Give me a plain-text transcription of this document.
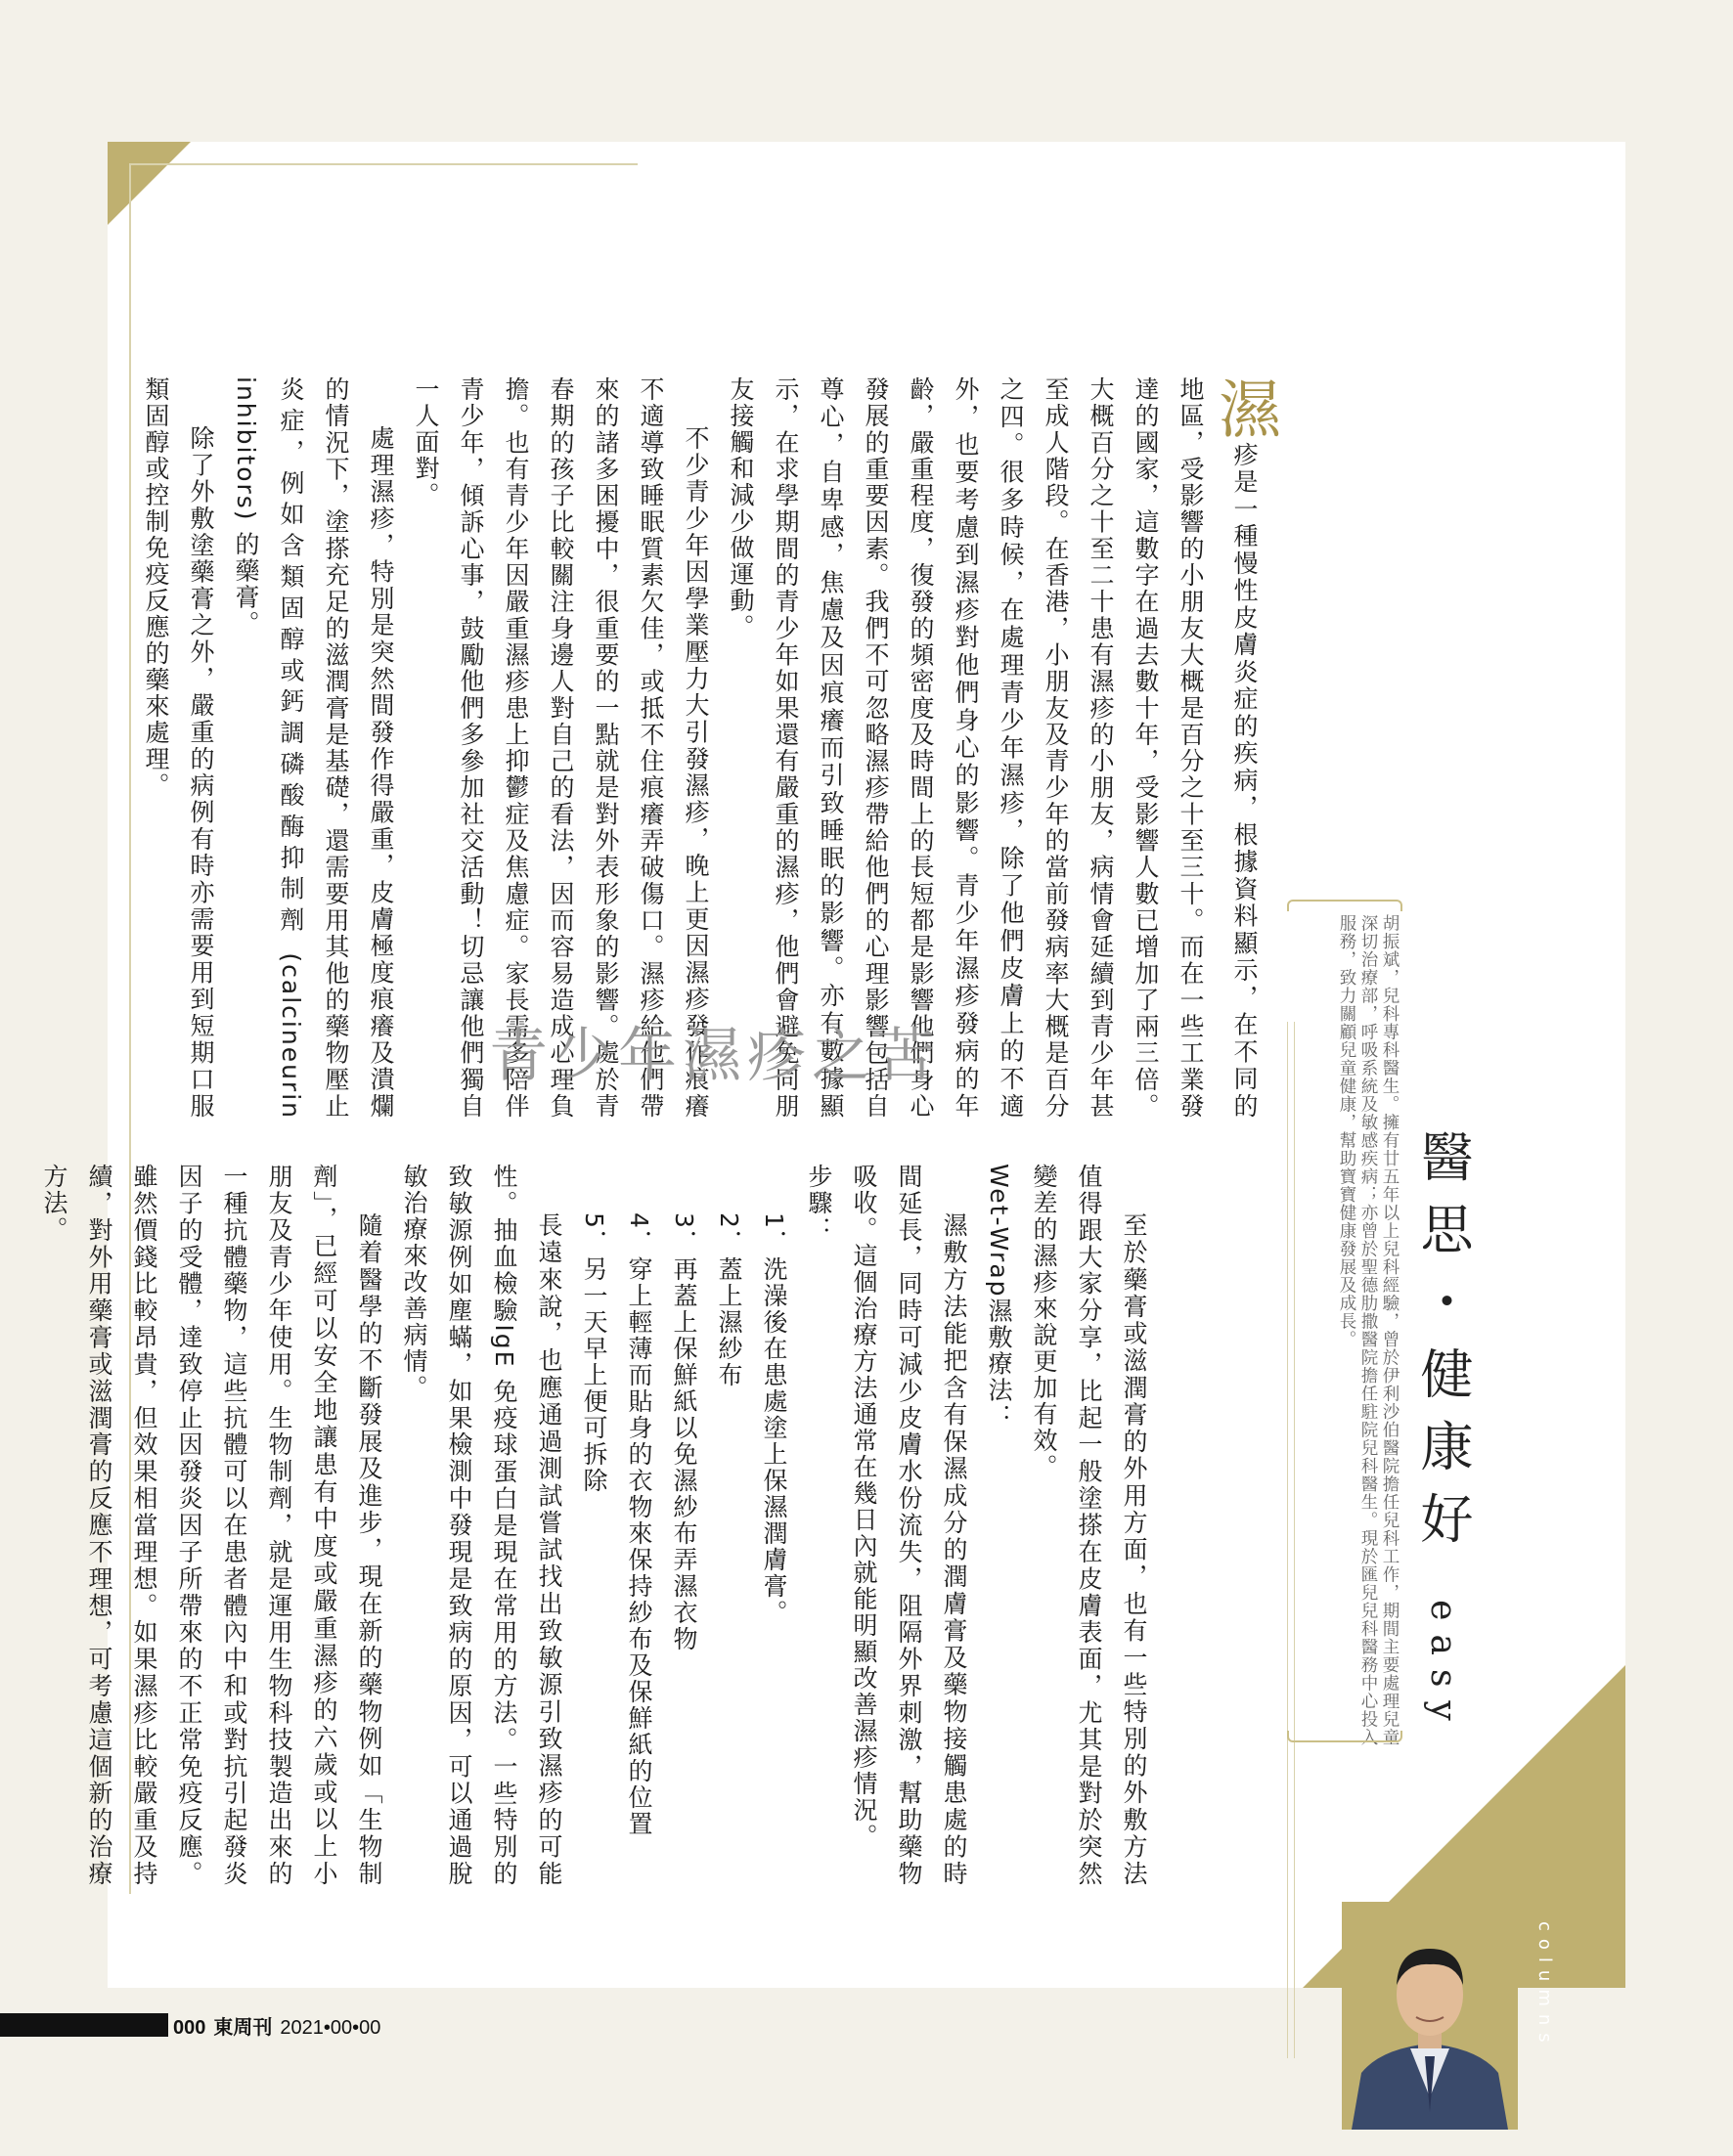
濕疹是一種慢性皮膚炎症的疾病，根據資料顯示，在不同的地區，受影響的小朋友大概是百分之十至三十。而在一些工業發達的國家，這數字在過去數十年，受影響人數已增加了兩三倍。大概百分之十至二十患有濕疹的小朋友，病情會延續到青少年甚至成人階段。在香港，小朋友及青少年的當前發病率大概是百分之四。很多時候，在處理青少年濕疹，除了他們皮膚上的不適外，也要考慮到濕疹對他們身心的影響。青少年濕疹發病的年齡，嚴重程度，復發的頻密度及時間上的長短都是影響他們身心發展的重要因素。我們不可忽略濕疹帶給他們的心理影響包括自尊心，自卑感，焦慮及因痕癢而引致睡眠的影響。亦有數據顯示，在求學期間的青少年如果還有嚴重的濕疹，他們會避免同朋友接觸和減少做運動。

不少青少年因學業壓力大引發濕疹，晚上更因濕疹發作痕癢不適導致睡眠質素欠佳，或抵不住痕癢弄破傷口。濕疹給他們帶來的諸多困擾中，很重要的一點就是對外表形象的影響。處於青春期的孩子比較關注身邊人對自己的看法，因而容易造成心理負擔。也有青少年因嚴重濕疹患上抑鬱症及焦慮症。家長需多陪伴青少年，傾訴心事，鼓勵他們多參加社交活動！切忌讓他們獨自一人面對。

處理濕疹，特別是突然間發作得嚴重，皮膚極度痕癢及潰爛的情況下，塗搽充足的滋潤膏是基礎，還需要用其他的藥物壓止炎症，例如含類固醇或鈣調磷酸酶抑制劑 (calcineurin inhibitors) 的藥膏。

除了外敷塗藥膏之外，嚴重的病例有時亦需要用到短期口服類固醇或控制免疫反應的藥來處理。

青少年濕疹之苦

至於藥膏或滋潤膏的外用方面，也有一些特別的外敷方法值得跟大家分享，比起一般塗搽在皮膚表面，尤其是對於突然變差的濕疹來說更加有效。

Wet-Wrap濕敷療法：

濕敷方法能把含有保濕成分的潤膚膏及藥物接觸患處的時間延長，同時可減少皮膚水份流失，阻隔外界刺激，幫助藥物吸收。這個治療方法通常在幾日內就能明顯改善濕疹情況。

步驟：

1．洗澡後在患處塗上保濕潤膚膏。

2．蓋上濕紗布

3．再蓋上保鮮紙以免濕紗布弄濕衣物

4．穿上輕薄而貼身的衣物來保持紗布及保鮮紙的位置

5．另一天早上便可拆除

長遠來說，也應通過測試嘗試找出致敏源引致濕疹的可能性。抽血檢驗IgE 免疫球蛋白是現在常用的方法。一些特別的致敏源例如塵蟎，如果檢測中發現是致病的原因，可以通過脫敏治療來改善病情。

隨着醫學的不斷發展及進步，現在新的藥物例如「生物制劑」，已經可以安全地讓患有中度或嚴重濕疹的六歲或以上小朋友及青少年使用。生物制劑，就是運用生物科技製造出來的一種抗體藥物，這些抗體可以在患者體內中和或對抗引起發炎因子的受體，達致停止因發炎因子所帶來的不正常免疫反應。雖然價錢比較昂貴，但效果相當理想。如果濕疹比較嚴重及持續，對外用藥膏或滋潤膏的反應不理想，可考慮這個新的治療方法。	胡振斌，兒科專科醫生。擁有廿五年以上兒科經驗，曾於伊利沙伯醫院擔任兒科工作，期間主要處理兒童深切治療部，呼吸系統及敏感疾病；亦曾於聖德肋撒醫院擔任駐院兒科醫生。現於匯兒兒科醫務中心投入服務，致力關顧兒童健康，幫助寶寶健康發展及成長。	醫思・健康好 easy
columns
000 東周刊 2021•00•00
